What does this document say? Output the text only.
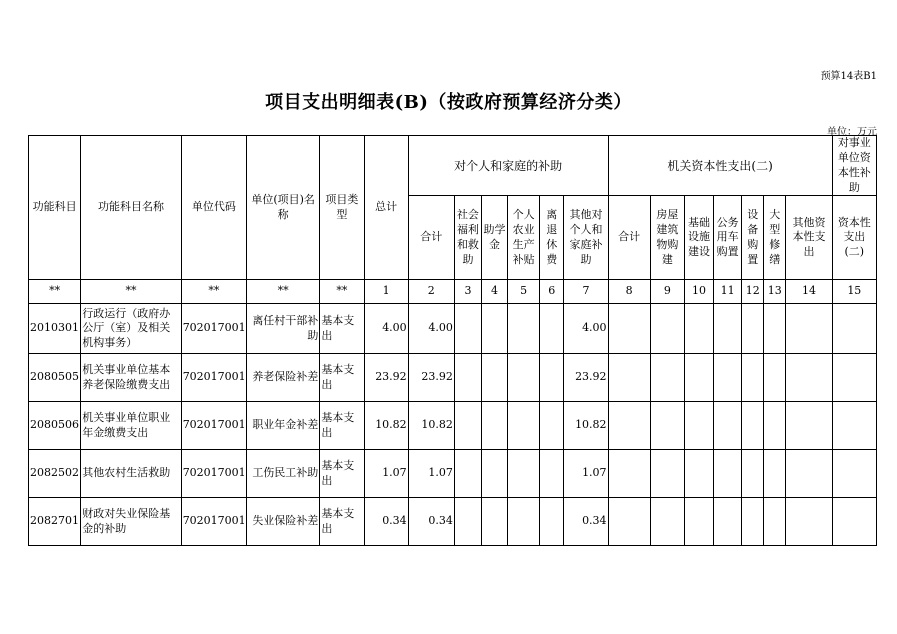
预算14表B1
项目支出明细表(B)（按政府预算经济分类）
单位：万元
功能科目	功能科目名称	单位代码	单位(项目)名称	项目类型	总计	对个人和家庭的补助						机关资本性支出(二)							对事业单位资本性补助
						合计	社会福利和救助	助学金	个人农业生产补贴	离退休费	其他对个人和家庭补助	合计	房屋建筑物购建	基础设施建设	公务用车购置	设备购置	大型修缮	其他资本性支出	资本性支出(二)
**	**	**	**	**	1	2	3	4	5	6	7	8	9	10	11	12	13	14	15
2010301	行政运行（政府办公厅（室）及相关机构事务）	702017001	离任村干部补助	基本支出	4.00	4.00					4.00								
2080505	机关事业单位基本养老保险缴费支出	702017001	养老保险补差	基本支出	23.92	23.92					23.92								
2080506	机关事业单位职业年金缴费支出	702017001	职业年金补差	基本支出	10.82	10.82					10.82								
2082502	其他农村生活救助	702017001	工伤民工补助	基本支出	1.07	1.07					1.07								
2082701	财政对失业保险基金的补助	702017001	失业保险补差	基本支出	0.34	0.34					0.34								
